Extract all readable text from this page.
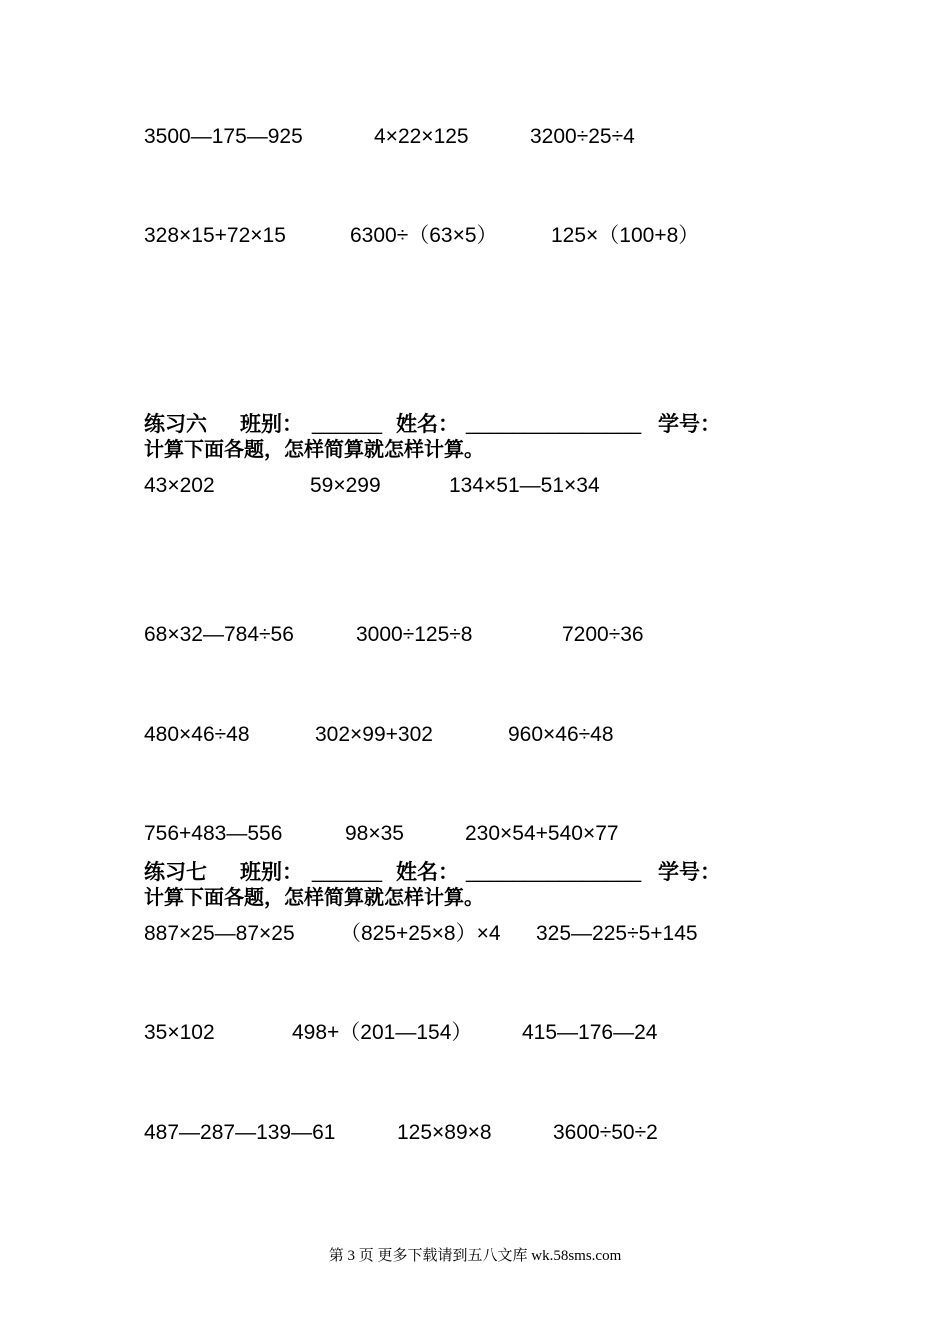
3500—175—925	4×22×125	3200÷25÷4
328×15+72×15	6300÷（63×5）	125×（100+8）
练习六 班别： ______ 姓名： _______________ 学号：
计算下面各题，怎样简算就怎样计算。
43×202	59×299	134×51—51×34
68×32—784÷56	3000÷125÷8	7200÷36
480×46÷48	302×99+302	960×46÷48
756+483—556	98×35	230×54+540×77
练习七 班别： ______ 姓名： _______________ 学号：
计算下面各题，怎样简算就怎样计算。
887×25—87×25 （825+25×8）×4 325—225÷5+145
35×102	498+（201—154） 415—176—24
487—287—139—61	125×89×8	3600÷50÷2
第 3 页 更多下载请到五八文库 wk.58sms.com
